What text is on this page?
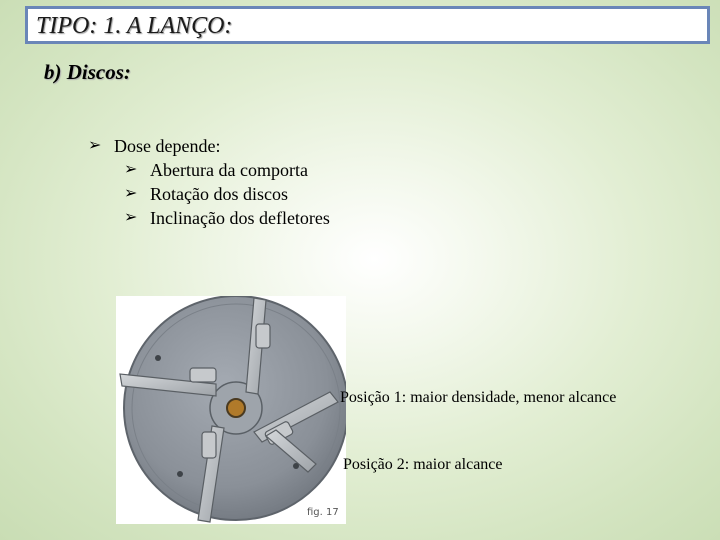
TIPO: 1. A LANÇO:
b) Discos:
➢ Dose depende:
➢ Abertura da comporta
➢ Rotação dos discos
➢ Inclinação dos defletores
fig. 17
Posição 1: maior densidade, menor alcance
Posição 2: maior alcance
